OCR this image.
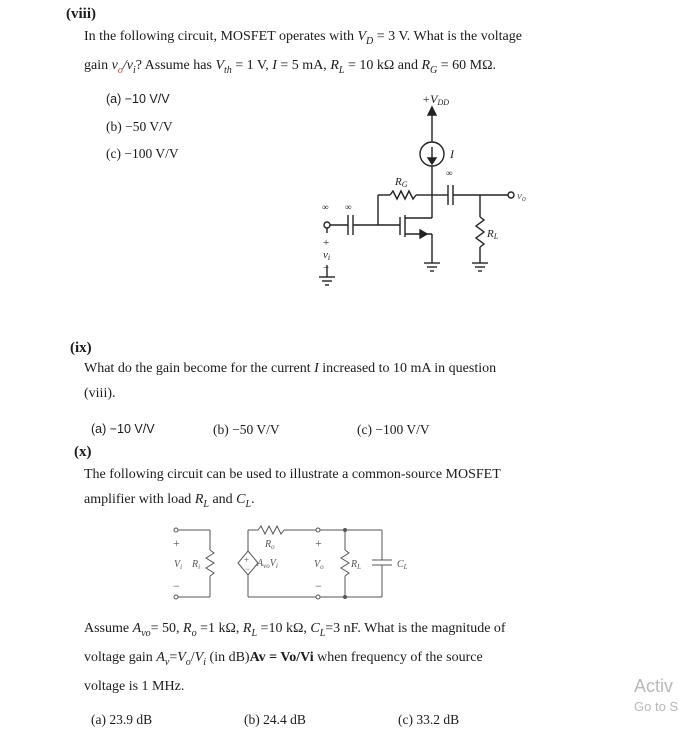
(viii)
In the following circuit, MOSFET operates with $V_D = 3$ V. What is the voltage
gain $v_o/v_i$? Assume has $V_{th} = 1$ V, I = 5 mA, $R_L = 10$ kΩ and $R_G = 60$ MΩ.
(a) −10 V/V
(b) −50 V/V
(c) −100 V/V
+VDD
I
∞
RG
RL
vo
∞
∞
+
vi
−
(ix)
What do the gain become for the current I increased to 10 mA in question
(viii).
(a) −10 V/V	(b) −50 V/V	(c) −100 V/V
(x)
The following circuit can be used to illustrate a common-source MOSFET
amplifier with load $R_L$ and $C_L$.
+
$V_i$ $R_i$
−
$R_o$
+
− $A_{vo}V_i$
+
$V_o$
−
$R_L$	$C_L$
Assume $A_{vo}= 50$, $R_o =1$ kΩ, $R_L =10$ kΩ, $C_L=3$ nF. What is the magnitude of
voltage gain $A_v=V_o/V_i$ (in dB)Av = Vo/Vi when frequency of the source
voltage is 1 MHz.
(a) 23.9 dB	(b) 24.4 dB	(c) 33.2 dB
Activ
Go to S
